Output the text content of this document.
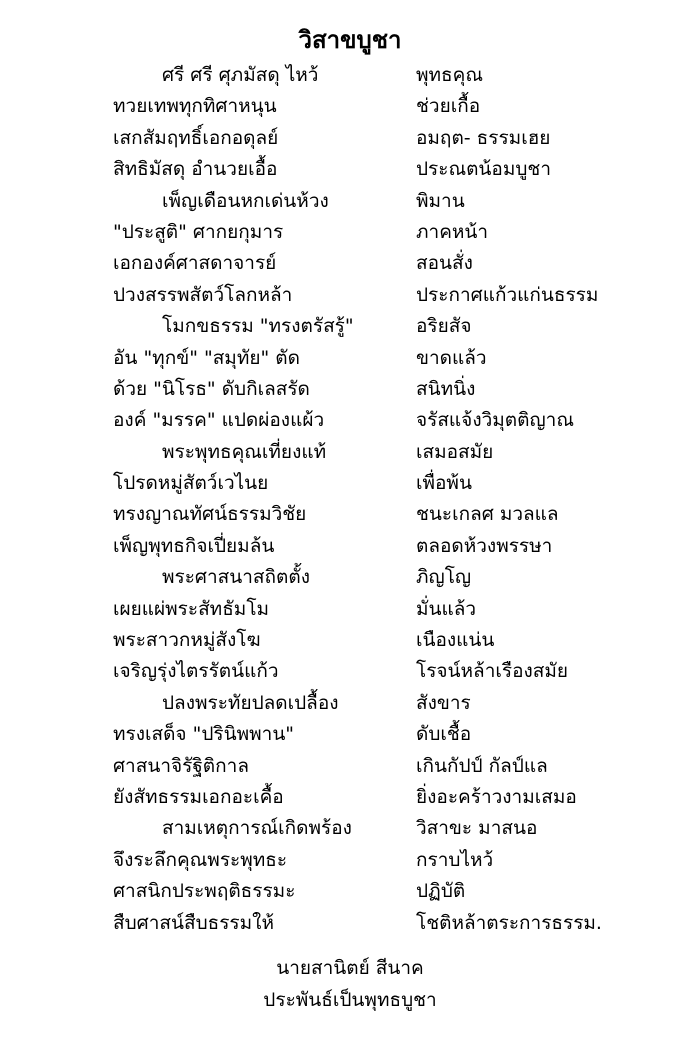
วิสาขบูชา
ศรี ศรี ศุภมัสดุ ไหว้	พุทธคุณ
ทวยเทพทุกทิศาหนุน	ช่วยเกื้อ
เสกสัมฤทธิ์เอกอดุลย์	อมฤต- ธรรมเฮย
สิทธิมัสดุ อำนวยเอื้อ	ประณตน้อมบูชา
เพ็ญเดือนหกเด่นห้วง	พิมาน
"ประสูติ" ศากยกุมาร	ภาคหน้า
เอกองค์ศาสดาจารย์	สอนสั่ง
ปวงสรรพสัตว์โลกหล้า	ประกาศแก้วแก่นธรรม
โมกขธรรม "ทรงตรัสรู้"	อริยสัจ
อัน "ทุกข์" "สมุทัย" ตัด	ขาดแล้ว
ด้วย "นิโรธ" ดับกิเลสรัด	สนิทนิ่ง
องค์ "มรรค" แปดผ่องแผ้ว	จรัสแจ้งวิมุตติญาณ
พระพุทธคุณเที่ยงแท้	เสมอสมัย
โปรดหมู่สัตว์เวไนย	เพื่อพ้น
ทรงญาณทัศน์ธรรมวิชัย	ชนะเกลศ มวลแล
เพ็ญพุทธกิจเปี่ยมล้น	ตลอดห้วงพรรษา
พระศาสนาสถิตตั้ง	ภิญโญ
เผยแผ่พระสัทธัมโม	มั่นแล้ว
พระสาวกหมู่สังโฆ	เนืองแน่น
เจริญรุ่งไตรรัตน์แก้ว	โรจน์หล้าเรืองสมัย
ปลงพระทัยปลดเปลื้อง	สังขาร
ทรงเสด็จ "ปรินิพพาน"	ดับเชื้อ
ศาสนาจิรัฐิติกาล	เกินกัปป์ กัลป์แล
ยังสัทธรรมเอกอะเคื้อ	ยิ่งอะคร้าวงามเสมอ
สามเหตุการณ์เกิดพร้อง	วิสาขะ มาสนอ
จึงระลึกคุณพระพุทธะ	กราบไหว้
ศาสนิกประพฤติธรรมะ	ปฏิบัติ
สืบศาสน์สืบธรรมให้	โชติหล้าตระการธรรม.
นายสานิตย์ สีนาค
ประพันธ์เป็นพุทธบูชา
